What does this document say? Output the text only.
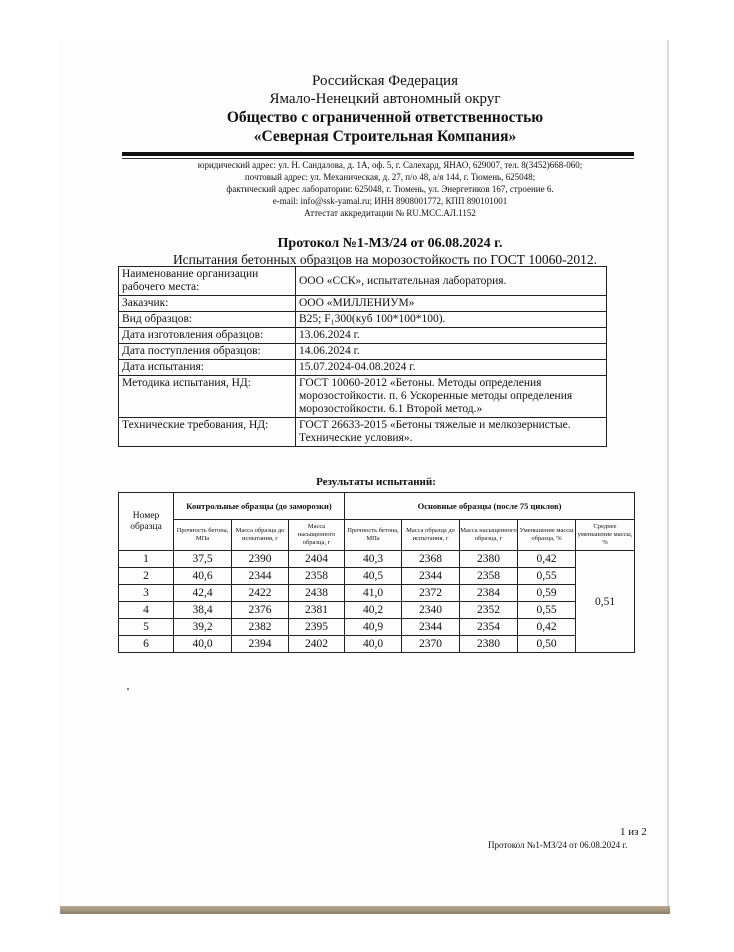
Российская Федерация
Ямало-Ненецкий автономный округ
Общество с ограниченной ответственностью
«Северная Строительная Компания»
юридический адрес: ул. Н. Сандалова, д. 1А, оф. 5, г. Салехард, ЯНАО, 629007, тел. 8(3452)668-060;
почтовый адрес: ул. Механическая, д. 27, п/о 48, а/я 144, г. Тюмень, 625048;
фактический адрес лаборатории: 625048, г. Тюмень, ул. Энергетиков 167, строение 6.
e-mail: info@ssk-yamal.ru; ИНН 8908001772, КПП 890101001
Аттестат аккредитации № RU.МСС.АЛ.1152
Протокол №1-МЗ/24 от 06.08.2024 г.
Испытания бетонных образцов на морозостойкость по ГОСТ 10060-2012.
Наименование организации рабочего места:	ООО «ССК», испытательная лаборатория.
Заказчик:	ООО «МИЛЛЕНИУМ»
Вид образцов:	B25; F₁300(куб 100*100*100).
Дата изготовления образцов:	13.06.2024 г.
Дата поступления образцов:	14.06.2024 г.
Дата испытания:	15.07.2024-04.08.2024 г.
Методика испытания, НД:	ГОСТ 10060-2012 «Бетоны. Методы определения морозостойкости. п. 6 Ускоренные методы определения морозостойкости. 6.1 Второй метод.»
Технические требования, НД:	ГОСТ 26633-2015 «Бетоны тяжелые и мелкозернистые. Технические условия».
Результаты испытаний:
Номер образца	Контрольные образцы (до заморозки)			Основные образцы (после 75 циклов)				
	Прочность бетона, МПа	Масса образца до испытания, г	Масса насыщенного образца, г	Прочность бетона, МПа	Масса образца до испытания, г	Масса насыщенного образца, г	Уменьшение массы образца, %	Среднее уменьшение массы, %
1	37,5	2390	2404	40,3	2368	2380	0,42	0,51
2	40,6	2344	2358	40,5	2344	2358	0,55	
3	42,4	2422	2438	41,0	2372	2384	0,59	
4	38,4	2376	2381	40,2	2340	2352	0,55	
5	39,2	2382	2395	40,9	2344	2354	0,42	
6	40,0	2394	2402	40,0	2370	2380	0,50	
1 из 2
Протокол №1-МЗ/24 от 06.08.2024 г.
